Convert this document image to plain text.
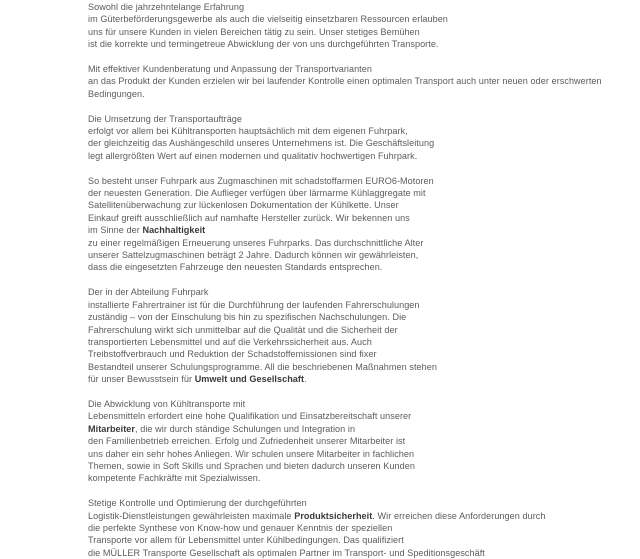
Sowohl die jahrzehntelange Erfahrung
im Güterbeförderungsgewerbe als auch die vielseitig einsetzbaren Ressourcen erlauben
uns für unsere Kunden in vielen Bereichen tätig zu sein. Unser stetiges Bemühen
ist die korrekte und termingetreue Abwicklung der von uns durchgeführten Transporte.

Mit effektiver Kundenberatung und Anpassung der Transportvarianten
an das Produkt der Kunden erzielen wir bei laufender Kontrolle einen optimalen Transport auch unter neuen oder erschwerten
Bedingungen.

Die Umsetzung der Transportaufträge
erfolgt vor allem bei Kühltransporten hauptsächlich mit dem eigenen Fuhrpark,
der gleichzeitig das Aushängeschild unseres Unternehmens ist. Die Geschäftsleitung
legt allergrößten Wert auf einen modernen und qualitativ hochwertigen Fuhrpark.

So besteht unser Fuhrpark aus Zugmaschinen mit schadstoffarmen EURO6-Motoren
der neuesten Generation. Die Auflieger verfügen über lärmarme Kühlaggregate mit
Satellitenüberwachung zur lückenlosen Dokumentation der Kühlkette. Unser
Einkauf greift ausschließlich auf namhafte Hersteller zurück. Wir bekennen uns
im Sinne der Nachhaltigkeit
zu einer regelmäßigen Erneuerung unseres Fuhrparks. Das durchschnittliche Alter
unserer Sattelzugmaschinen beträgt 2 Jahre. Dadurch können wir gewährleisten,
dass die eingesetzten Fahrzeuge den neuesten Standards entsprechen.

Der in der Abteilung Fuhrpark
installierte Fahrertrainer ist für die Durchführung der laufenden Fahrerschulungen
zuständig – von der Einschulung bis hin zu spezifischen Nachschulungen. Die
Fahrerschulung wirkt sich unmittelbar auf die Qualität und die Sicherheit der
transportierten Lebensmittel und auf die Verkehrssicherheit aus. Auch
Treibstoffverbrauch und Reduktion der Schadstoffemissionen sind fixer
Bestandteil unserer Schulungsprogramme. All die beschriebenen Maßnahmen stehen
für unser Bewusstsein für Umwelt und Gesellschaft.

Die Abwicklung von Kühltransporte mit
Lebensmitteln erfordert eine hohe Qualifikation und Einsatzbereitschaft unserer
Mitarbeiter, die wir durch ständige Schulungen und Integration in
den Familienbetrieb erreichen. Erfolg und Zufriedenheit unserer Mitarbeiter ist
uns daher ein sehr hohes Anliegen. Wir schulen unsere Mitarbeiter in fachlichen
Themen, sowie in Soft Skills und Sprachen und bieten dadurch unseren Kunden
kompetente Fachkräfte mit Spezialwissen.

Stetige Kontrolle und Optimierung der durchgeführten
Logistik-Dienstleistungen gewährleisten maximale Produktsicherheit. Wir erreichen diese Anforderungen durch
die perfekte Synthese von Know-how und genauer Kenntnis der speziellen
Transporte vor allem für Lebensmittel unter Kühlbedingungen. Das qualifiziert
die MÜLLER Transporte Gesellschaft als optimalen Partner im Transport- und Speditionsgeschäft
